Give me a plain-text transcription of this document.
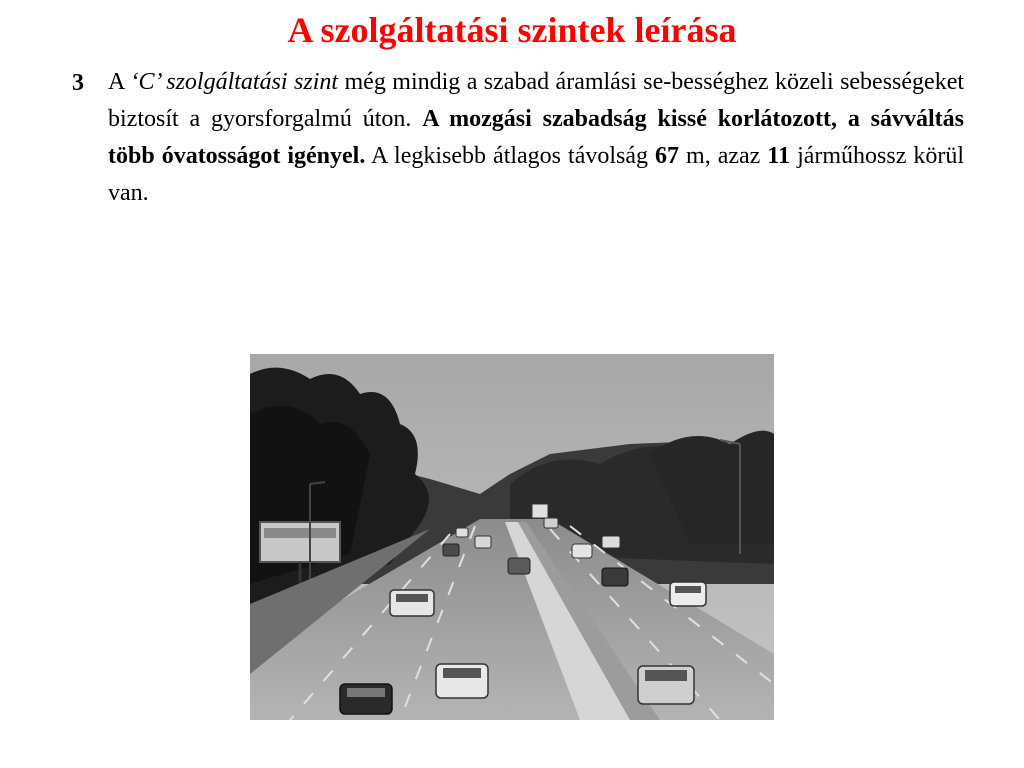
A szolgáltatási szintek leírása
3 A ‘C’ szolgáltatási szint még mindig a szabad áramlási se-bességhez közeli sebességeket biztosít a gyorsforgalmú úton. A mozgási szabadság kissé korlátozott, a sávváltás több óvatosságot igényel. A legkisebb átlagos távolság 67 m, azaz 11 járműhossz körül van.
